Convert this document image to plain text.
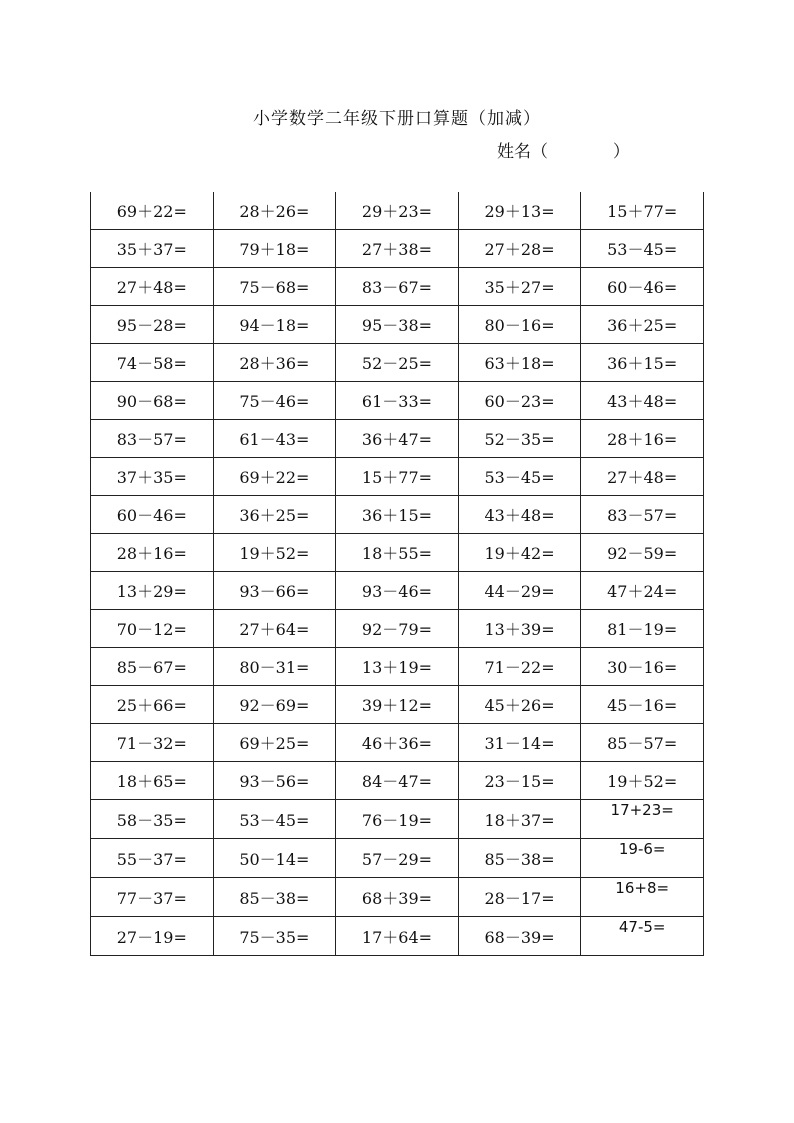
小学数学二年级下册口算题（加减）
姓名（	）
69＋22=	28＋26=	29＋23=	29＋13=	15＋77=
35＋37=	79＋18=	27＋38=	27＋28=	53－45=
27＋48=	75－68=	83－67=	35＋27=	60－46=
95－28=	94－18=	95－38=	80－16=	36＋25=
74－58=	28＋36=	52－25=	63＋18=	36＋15=
90－68=	75－46=	61－33=	60－23=	43＋48=
83－57=	61－43=	36＋47=	52－35=	28＋16=
37＋35=	69＋22=	15＋77=	53－45=	27＋48=
60－46=	36＋25=	36＋15=	43＋48=	83－57=
28＋16=	19＋52=	18＋55=	19＋42=	92－59=
13＋29=	93－66=	93－46=	44－29=	47＋24=
70－12=	27＋64=	92－79=	13＋39=	81－19=
85－67=	80－31=	13＋19=	71－22=	30－16=
25＋66=	92－69=	39＋12=	45＋26=	45－16=
71－32=	69＋25=	46＋36=	31－14=	85－57=
18＋65=	93－56=	84－47=	23－15=	19＋52=
58－35=	53－45=	76－19=	18＋37=	17+23=
55－37=	50－14=	57－29=	85－38=	19-6=
77－37=	85－38=	68＋39=	28－17=	16+8=
27－19=	75－35=	17＋64=	68－39=	47-5=
